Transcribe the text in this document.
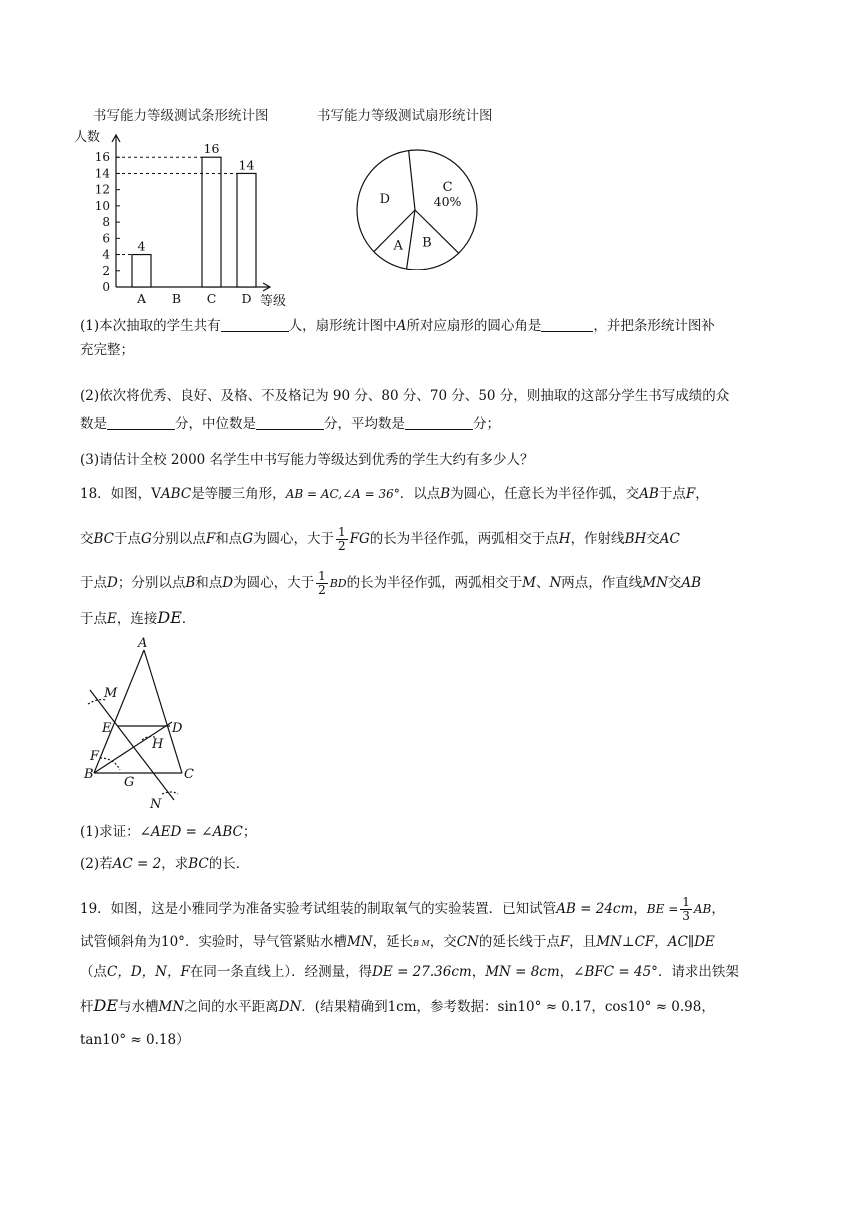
书写能力等级测试条形统计图	书写能力等级测试扇形统计图
人数
0
2
4
6
8
10
12
14
16
4
A B
16
C
14
D 等级
C
40%
B
A
D
(1)本次抽取的学生共有	人，扇形统计图中A所对应扇形的圆心角是	，并把条形统计图补
充完整；
(2)依次将优秀、良好、及格、不及格记为 90 分、80 分、70 分、50 分，则抽取的这部分学生书写成绩的众
数是	分，中位数是	分，平均数是	分；
(3)请估计全校 2000 名学生中书写能力等级达到优秀的学生大约有多少人？
18．如图，VABC是等腰三角形，AB = AC,∠A = 36°．以点B为圆心，任意长为半径作弧，交AB于点F，
交BC于点G分别以点F和点G为圆心，大于 $\frac{1}{2}$ FG的长为半径作弧，两弧相交于点H，作射线BH交AC
于点D；分别以点B和点D为圆心，大于 $\frac{1}{2}$ BD的长为半径作弧，两弧相交于M、N两点，作直线MN交AB
于点E，连接DE．
A
M
E	D
H
F
B
G
C
N
(1)求证：∠AED = ∠ABC；
(2)若AC = 2，求BC的长．
19．如图，这是小雅同学为准备实验考试组装的制取氧气的实验装置．已知试管AB = 24cm，BE = $\frac{1}{3}$ AB，
试管倾斜角为10°．实验时，导气管紧贴水槽MN，延长B M，交CN的延长线于点F，且MN⊥CF，AC∥DE
（点C，D，N，F在同一条直线上）．经测量，得DE = 27.36cm，MN = 8cm，∠BFC = 45°．请求出铁架
杆DE与水槽MN之间的水平距离DN．(结果精确到1cm，参考数据：sin10° ≈ 0.17，cos10° ≈ 0.98，
tan10° ≈ 0.18）
